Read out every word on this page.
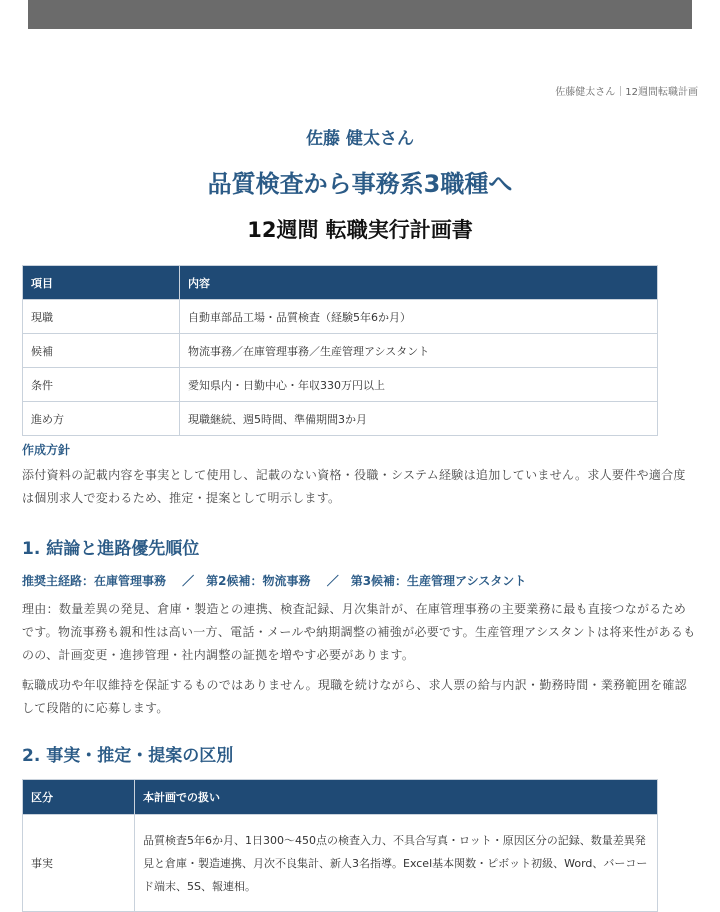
佐藤健太さん｜12週間転職計画
佐藤 健太さん
品質検査から事務系3職種へ
12週間 転職実行計画書
項目	内容
現職	自動車部品工場・品質検査（経験5年6か月）
候補	物流事務／在庫管理事務／生産管理アシスタント
条件	愛知県内・日勤中心・年収330万円以上
進め方	現職継続、週5時間、準備期間3か月
作成方針
添付資料の記載内容を事実として使用し、記載のない資格・役職・システム経験は追加していません。求人要件や適合度は個別求人で変わるため、推定・提案として明示します。
1. 結論と進路優先順位
推奨主経路：在庫管理事務　 ／　第2候補：物流事務　 ／　第3候補：生産管理アシスタント
理由：数量差異の発見、倉庫・製造との連携、検査記録、月次集計が、在庫管理事務の主要業務に最も直接つながるためです。物流事務も親和性は高い一方、電話・メールや納期調整の補強が必要です。生産管理アシスタントは将来性があるものの、計画変更・進捗管理・社内調整の証拠を増やす必要があります。
転職成功や年収維持を保証するものではありません。現職を続けながら、求人票の給与内訳・勤務時間・業務範囲を確認して段階的に応募します。
2. 事実・推定・提案の区別
区分	本計画での扱い
事実	品質検査5年6か月、1日300〜450点の検査入力、不具合写真・ロット・原因区分の記録、数量差異発見と倉庫・製造連携、月次不良集計、新人3名指導。Excel基本関数・ピボット初級、Word、バーコード端末、5S、報連相。
